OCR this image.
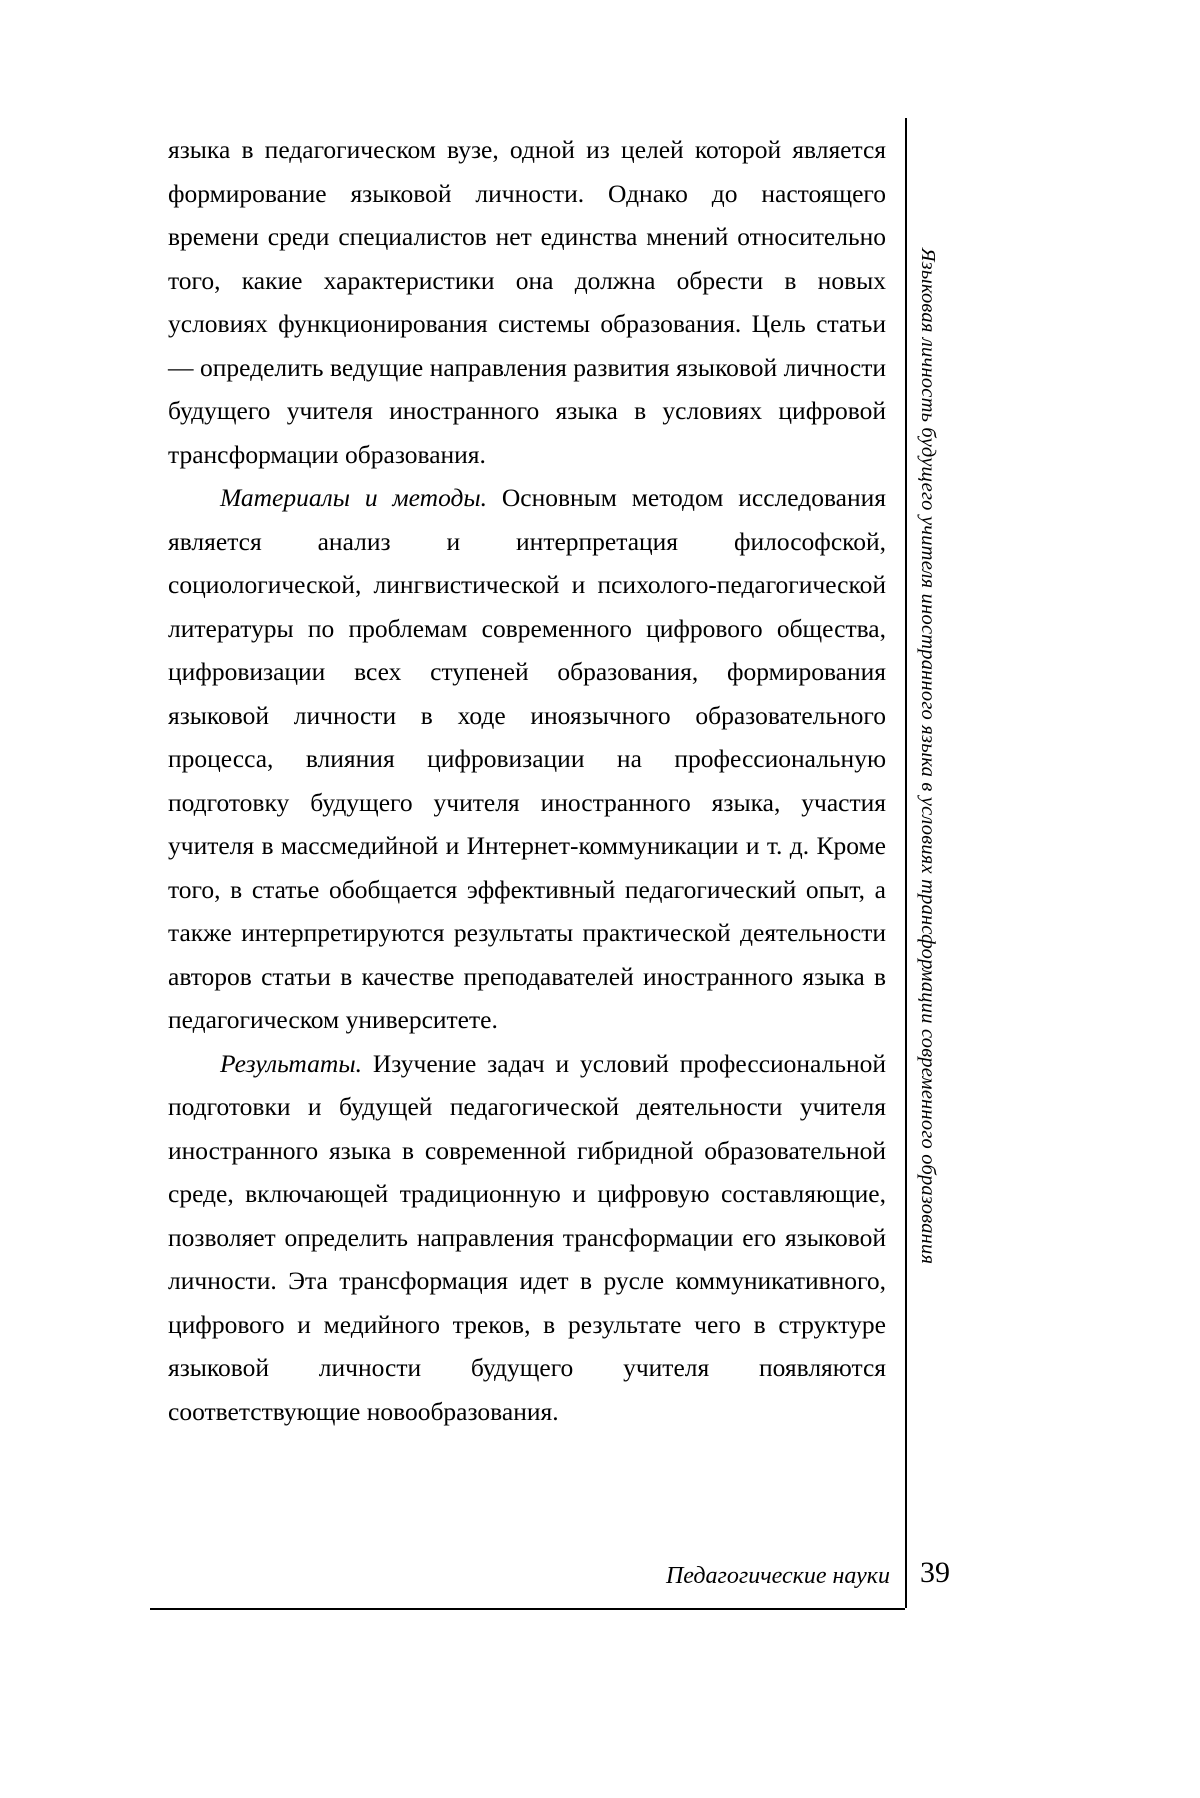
языка в педагогическом вузе, одной из целей которой является формирование языковой личности. Однако до настоящего времени среди специалистов нет единства мнений относительно того, какие характеристики она должна обрести в новых условиях функционирования системы образования. Цель статьи — определить ведущие направления развития языковой личности будущего учителя иностранного языка в условиях цифровой трансформации образования.

Материалы и методы. Основным методом исследования является анализ и интерпретация философской, социологической, лингвистической и психолого-педагогической литературы по проблемам современного цифрового общества, цифровизации всех ступеней образования, формирования языковой личности в ходе иноязычного образовательного процесса, влияния цифровизации на профессиональную подготовку будущего учителя иностранного языка, участия учителя в массмедийной и Интернет-коммуникации и т. д. Кроме того, в статье обобщается эффективный педагогический опыт, а также интерпретируются результаты практической деятельности авторов статьи в качестве преподавателей иностранного языка в педагогическом университете.

Результаты. Изучение задач и условий профессиональной подготовки и будущей педагогической деятельности учителя иностранного языка в современной гибридной образовательной среде, включающей традиционную и цифровую составляющие, позволяет определить направления трансформации его языковой личности. Эта трансформация идет в русле коммуникативного, цифрового и медийного треков, в результате чего в структуре языковой личности будущего учителя появляются соответствующие новообразования.

Языковая личность будущего учителя иностранного языка в условиях трансформации современного образования
Педагогические науки 39
